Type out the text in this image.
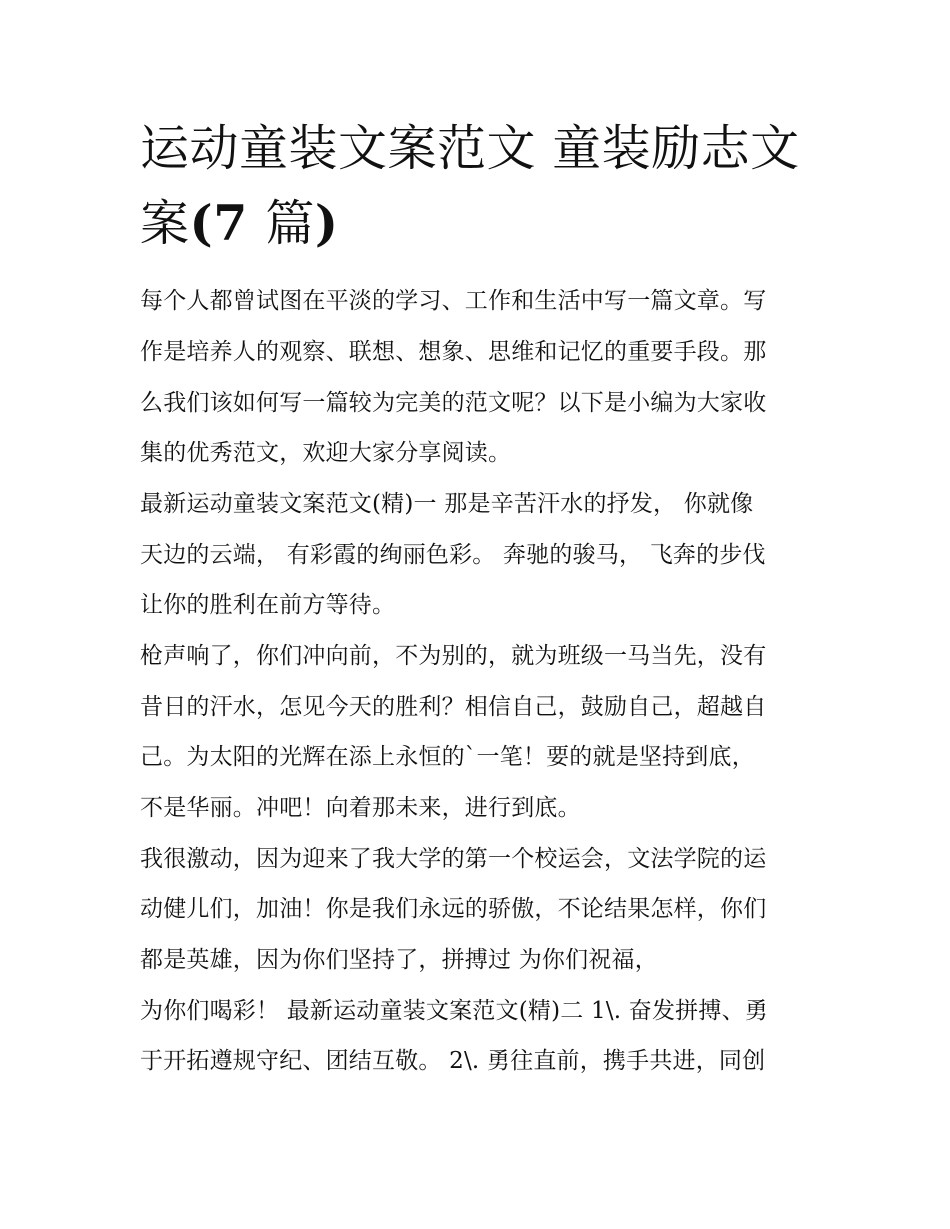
运动童装文案范文 童装励志文
案(7 篇)

每个人都曾试图在平淡的学习、工作和生活中写一篇文章。写

作是培养人的观察、联想、想象、思维和记忆的重要手段。那

么我们该如何写一篇较为完美的范文呢？以下是小编为大家收

集的优秀范文，欢迎大家分享阅读。

最新运动童装文案范文(精)一 那是辛苦汗水的抒发， 你就像

天边的云端， 有彩霞的绚丽色彩。 奔驰的骏马， 飞奔的步伐

让你的胜利在前方等待。

枪声响了，你们冲向前，不为别的，就为班级一马当先，没有

昔日的汗水，怎见今天的胜利？相信自己，鼓励自己，超越自

己。为太阳的光辉在添上永恒的`一笔！要的就是坚持到底，

不是华丽。冲吧！向着那未来，进行到底。

我很激动，因为迎来了我大学的第一个校运会，文法学院的运

动健儿们，加油！你是我们永远的骄傲，不论结果怎样，你们

都是英雄，因为你们坚持了，拼搏过 为你们祝福，

为你们喝彩！ 最新运动童装文案范文(精)二 1\. 奋发拼搏、勇

于开拓遵规守纪、团结互敬。 2\. 勇往直前，携手共进，同创
